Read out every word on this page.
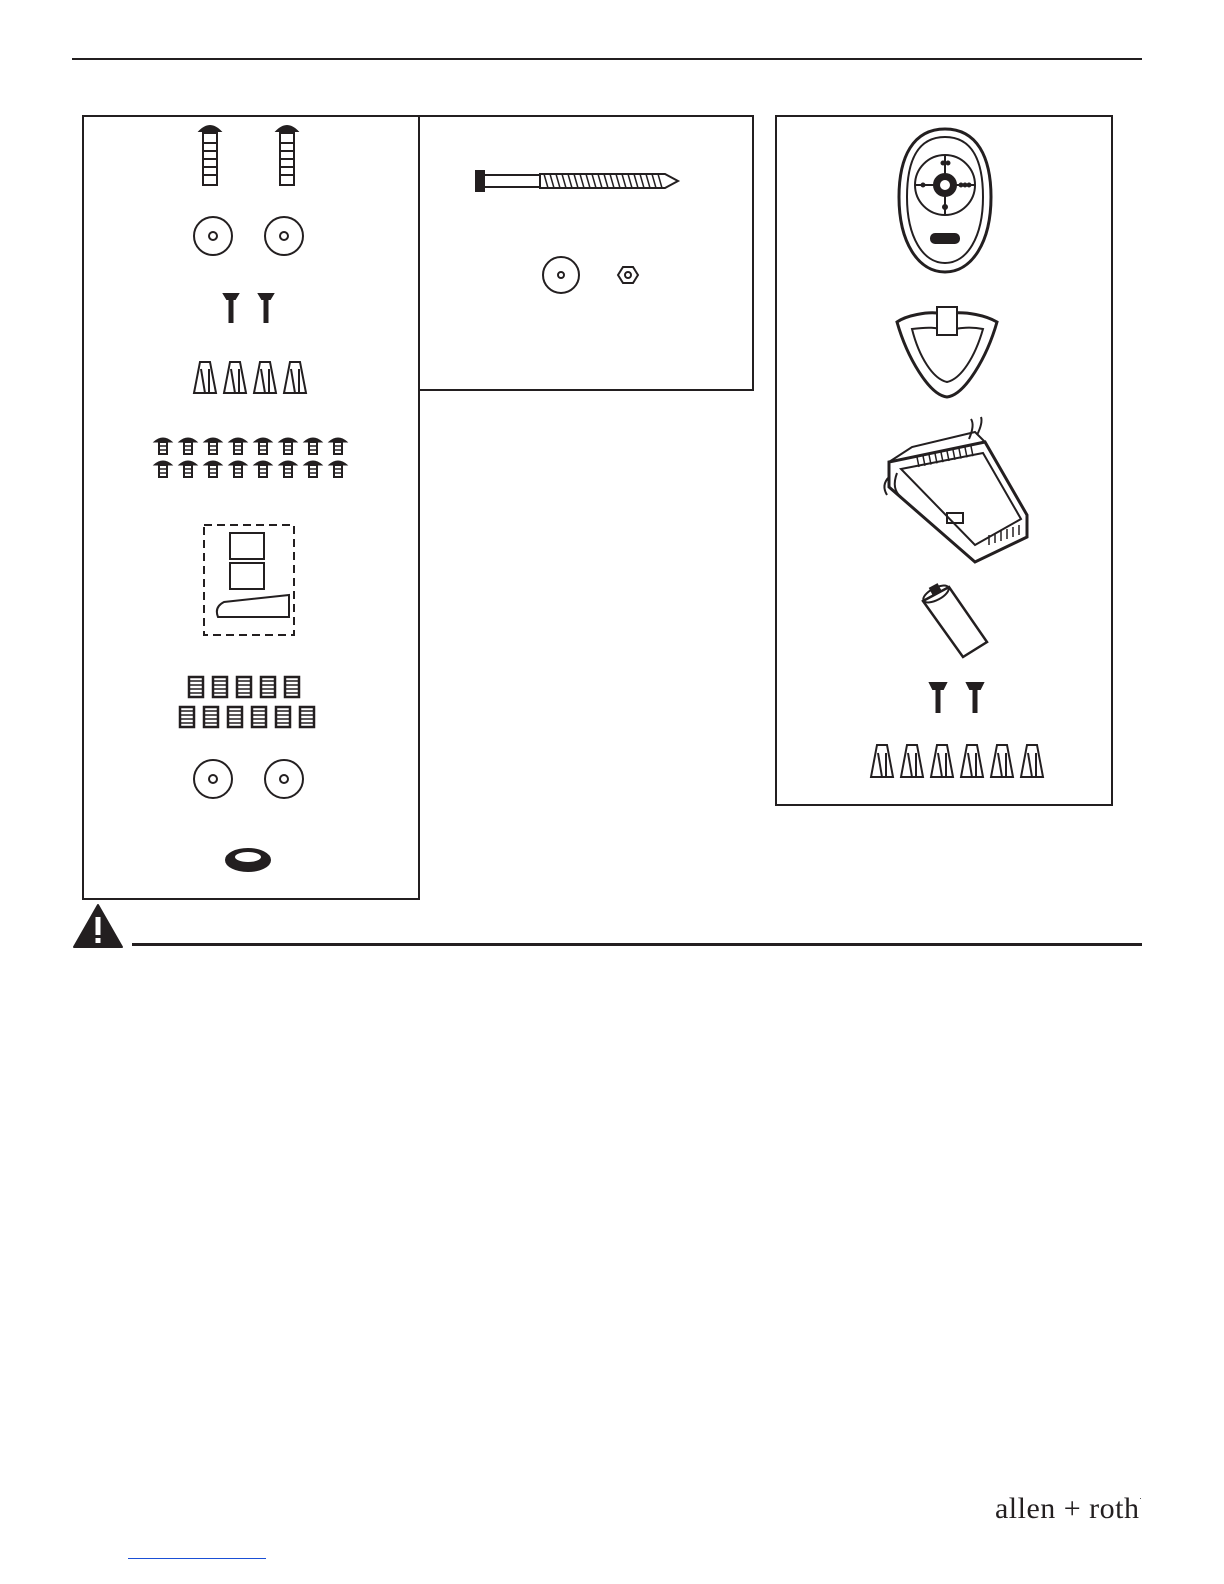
allen + roth.
